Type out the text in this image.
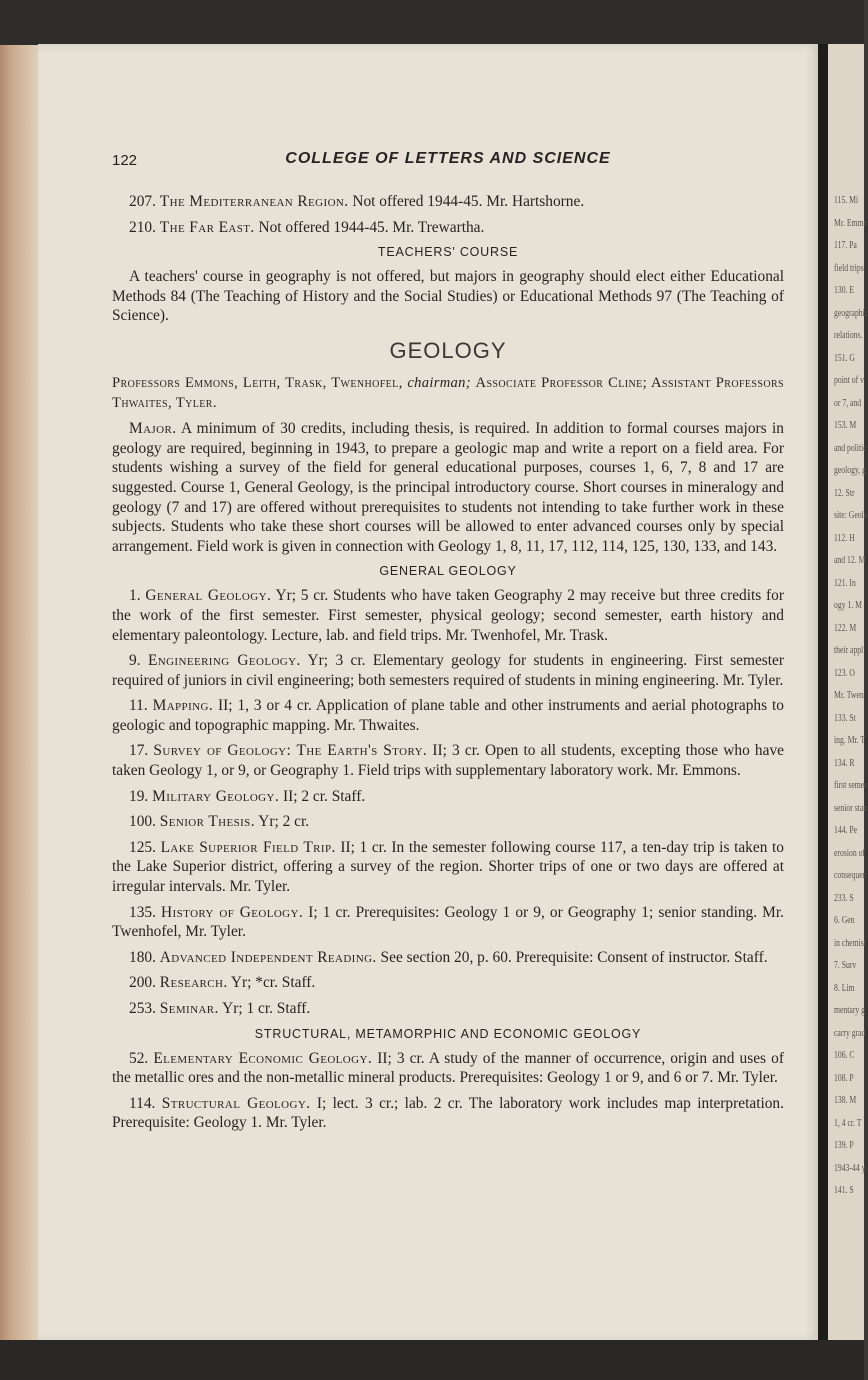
115. Mi
Mr. Emmo
117. Pa
field trips
130. E
geographic
relations.
151. G
point of v
or 7, and
153. M
and politic
geology, g
12. Str
site: Geolo
112. H
and 12. M
121. In
ogy 1. M
122. M
their appl
123. O
Mr. Twen
133. St
ing. Mr. T
134. R
first semes
senior stan
144. Pe
erosion of
consequen
233. S
6. Gen
in chemist
7. Surv
8. Lim
mentary g
carry grad
106. C
108. P
138. M
1, 4 cr. T
139. P
1943-44 y
141. S
122	COLLEGE OF LETTERS AND SCIENCE

207. The Mediterranean Region. Not offered 1944-45. Mr. Hartshorne.

210. The Far East. Not offered 1944-45. Mr. Trewartha.

TEACHERS' COURSE

A teachers' course in geography is not offered, but majors in geography should elect either Educational Methods 84 (The Teaching of History and the Social Studies) or Educational Methods 97 (The Teaching of Science).

GEOLOGY

Professors Emmons, Leith, Trask, Twenhofel, chairman; Associate Professor Cline; Assistant Professors Thwaites, Tyler.

Major. A minimum of 30 credits, including thesis, is required. In addition to formal courses majors in geology are required, beginning in 1943, to prepare a geologic map and write a report on a field area. For students wishing a survey of the field for general educational purposes, courses 1, 6, 7, 8 and 17 are suggested. Course 1, General Geology, is the principal introductory course. Short courses in mineralogy and geology (7 and 17) are offered without prerequisites to students not intending to take further work in these subjects. Students who take these short courses will be allowed to enter advanced courses only by special arrangement. Field work is given in connection with Geology 1, 8, 11, 17, 112, 114, 125, 130, 133, and 143.

GENERAL GEOLOGY

1. General Geology. Yr; 5 cr. Students who have taken Geography 2 may receive but three credits for the work of the first semester. First semester, physical geology; second semester, earth history and elementary paleontology. Lecture, lab. and field trips. Mr. Twenhofel, Mr. Trask.

9. Engineering Geology. Yr; 3 cr. Elementary geology for students in engineering. First semester required of juniors in civil engineering; both semesters required of students in mining engineering. Mr. Tyler.

11. Mapping. II; 1, 3 or 4 cr. Application of plane table and other instruments and aerial photographs to geologic and topographic mapping. Mr. Thwaites.

17. Survey of Geology: The Earth's Story. II; 3 cr. Open to all students, excepting those who have taken Geology 1, or 9, or Geography 1. Field trips with supplementary laboratory work. Mr. Emmons.

19. Military Geology. II; 2 cr. Staff.

100. Senior Thesis. Yr; 2 cr.

125. Lake Superior Field Trip. II; 1 cr. In the semester following course 117, a ten-day trip is taken to the Lake Superior district, offering a survey of the region. Shorter trips of one or two days are offered at irregular intervals. Mr. Tyler.

135. History of Geology. I; 1 cr. Prerequisites: Geology 1 or 9, or Geography 1; senior standing. Mr. Twenhofel, Mr. Tyler.

180. Advanced Independent Reading. See section 20, p. 60. Prerequisite: Consent of instructor. Staff.

200. Research. Yr; *cr. Staff.

253. Seminar. Yr; 1 cr. Staff.

STRUCTURAL, METAMORPHIC AND ECONOMIC GEOLOGY

52. Elementary Economic Geology. II; 3 cr. A study of the manner of occurrence, origin and uses of the metallic ores and the non-metallic mineral products. Prerequisites: Geology 1 or 9, and 6 or 7. Mr. Tyler.

114. Structural Geology. I; lect. 3 cr.; lab. 2 cr. The laboratory work includes map interpretation. Prerequisite: Geology 1. Mr. Tyler.
